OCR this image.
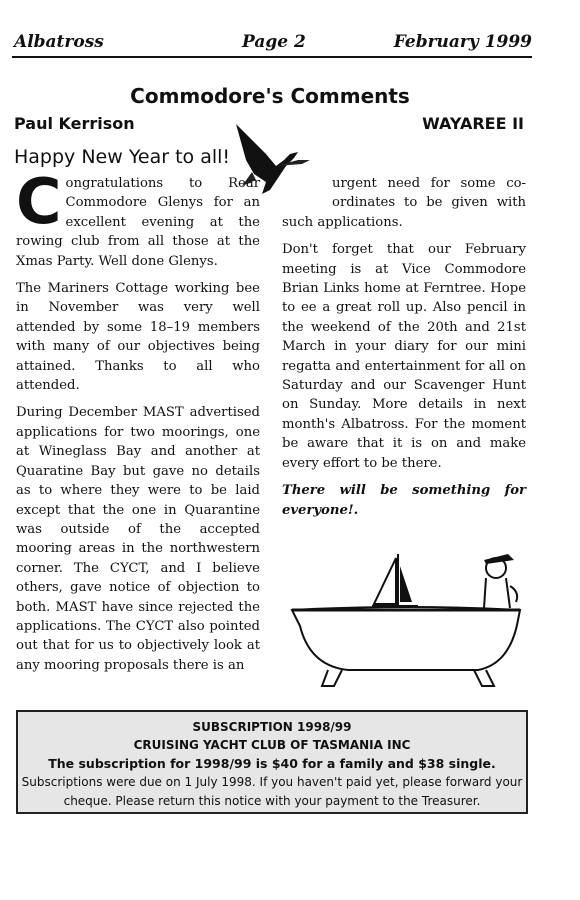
Albatross	Page 2	February 1999
Commodore's Comments
Paul Kerrison	WAYAREE II
Happy New Year to all!
C ongratulations to Rear Commodore Glenys for an excellent evening at the rowing club from all those at the Xmas Party. Well done Glenys.

The Mariners Cottage working bee in November was very well attended by some 18–19 members with many of our objectives being attained. Thanks to all who attended.

During December MAST advertised applications for two moorings, one at Wineglass Bay and another at Quaratine Bay but gave no details as to where they were to be laid except that the one in Quarantine was outside of the accepted mooring areas in the northwestern corner. The CYCT, and I believe others, gave notice of objection to both. MAST have since rejected the applications. The CYCT also pointed out that for us to objectively look at any mooring proposals there is an

urgent need for some co-ordinates to be given with such applications.

Don't forget that our February meeting is at Vice Commodore Brian Links home at Ferntree. Hope to ee a great roll up. Also pencil in the weekend of the 20th and 21st March in your diary for our mini regatta and entertainment for all on Saturday and our Scavenger Hunt on Sunday. More details in next month's Albatross. For the moment be aware that it is on and make every effort to be there.

There will be something for everyone!.

SUBSCRIPTION 1998/99
CRUISING YACHT CLUB OF TASMANIA INC
The subscription for 1998/99 is $40 for a family and $38 single.
Subscriptions were due on 1 July 1998. If you haven't paid yet, please forward your cheque. Please return this notice with your payment to the Treasurer.
